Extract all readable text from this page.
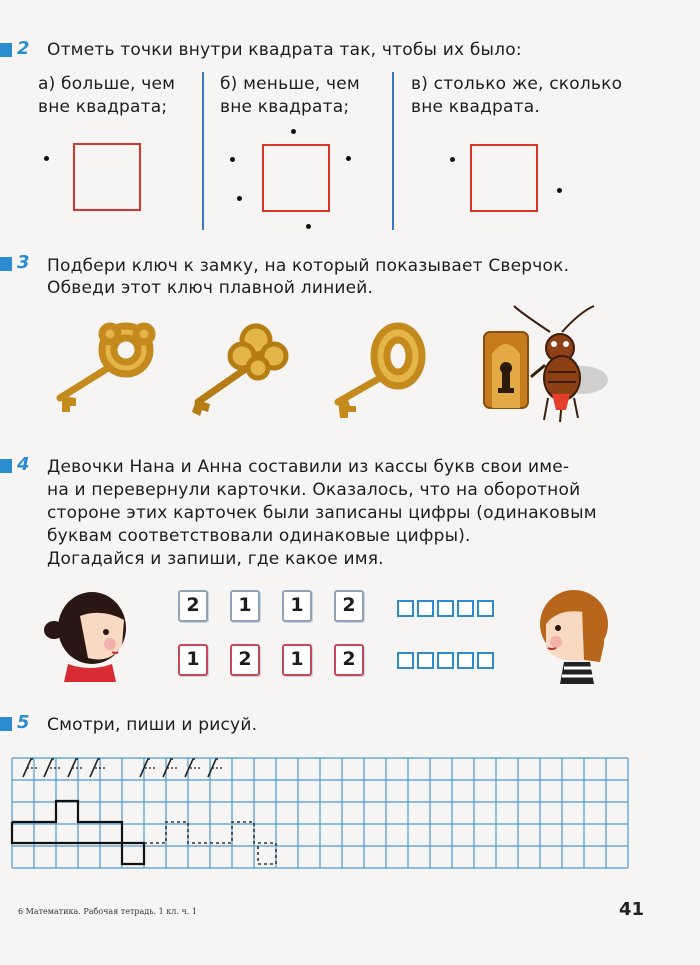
2 Отметь точки внутри квадрата так, чтобы их было:
а) больше, чем
вне квадрата;
б) меньше, чем
вне квадрата;
в) столько же, сколько
вне квадрата.
3 Подбери ключ к замку, на который показывает Сверчок.
Обведи этот ключ плавной линией.
4 Девочки Нана и Анна составили из кассы букв свои име-
на и перевернули карточки. Оказалось, что на оборотной
стороне этих карточек были записаны цифры (одинаковым
буквам соответствовали одинаковые цифры).
Догадайся и запиши, где какое имя.
2	1	1	2
1	2	1	2
5 Смотри, пиши и рисуй.
6 Математика. Рабочая тетрадь. 1 кл. ч. 1	41
